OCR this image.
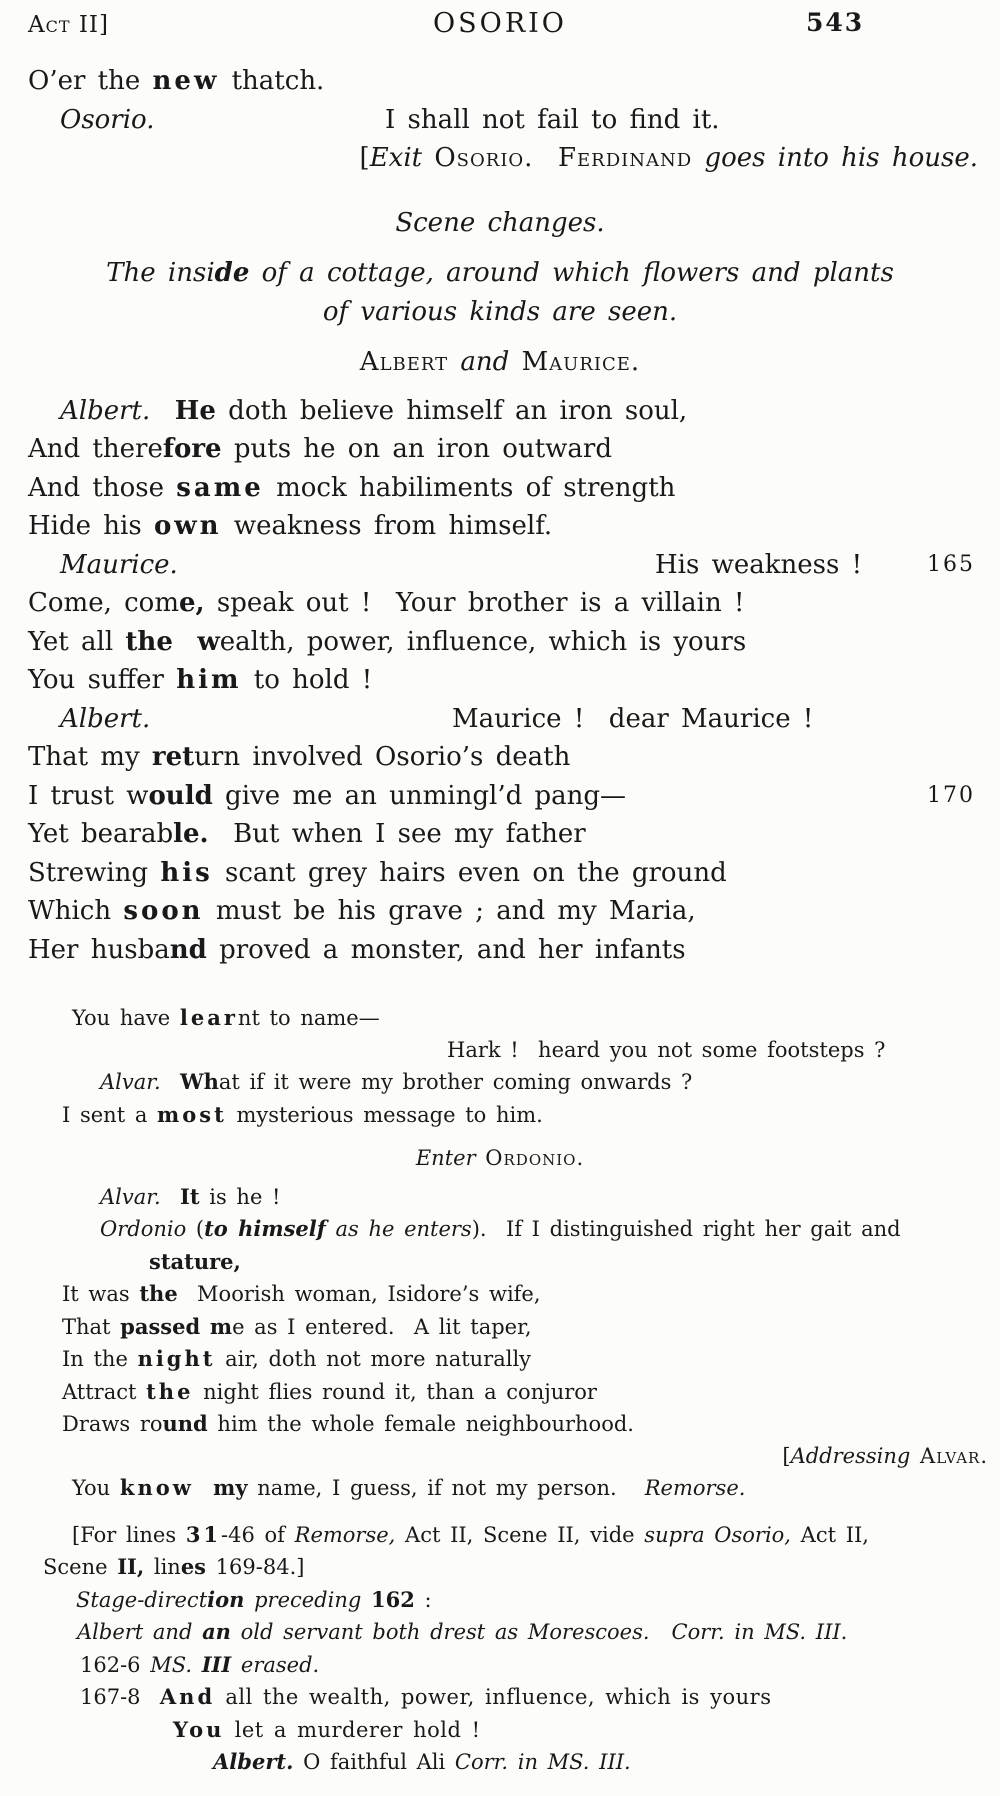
Act II]	OSORIO	543
O’er the new thatch.
Osorio.	I shall not fail to find it.
[Exit Osorio. Ferdinand goes into his house.
Scene changes.
The inside of a cottage, around which flowers and plants
of various kinds are seen.
Albert and Maurice.
Albert. He doth believe himself an iron soul,
And therefore puts he on an iron outward
And those same mock habiliments of strength
Hide his own weakness from himself.
Maurice.	His weakness !	165
Come, come, speak out !  Your brother is a villain !
Yet all the wealth, power, influence, which is yours
You suffer him to hold !
Albert.	Maurice !  dear Maurice !
That my return involved Osorio’s death
I trust would give me an unmingl’d pang—	170
Yet bearable.  But when I see my father
Strewing his scant grey hairs even on the ground
Which soon must be his grave ; and my Maria,
Her husband proved a monster, and her infants
You have learnt to name—
Hark !  heard you not some footsteps ?
Alvar. What if it were my brother coming onwards ?
I sent a most mysterious message to him.
Enter Ordonio.
Alvar. It is he !
Ordonio (to himself as he enters).  If I distinguished right her gait and
stature,
It was the  Moorish woman, Isidore’s wife,
That passed me as I entered.  A lit taper,
In the night air, doth not more naturally
Attract the night flies round it, than a conjuror
Draws round him the whole female neighbourhood.
[Addressing Alvar.
You know my name, I guess, if not my person. Remorse.
[For lines 31-46 of Remorse, Act II, Scene II, vide supra Osorio, Act II,
Scene II, lines 169-84.]
Stage-direction preceding 162 :
Albert and an old servant both drest as Morescoes. Corr. in MS. III.
162-6 MS. III erased.
167-8  And all the wealth, power, influence, which is yours
You let a murderer hold !
Albert. O faithful Ali Corr. in MS. III.
